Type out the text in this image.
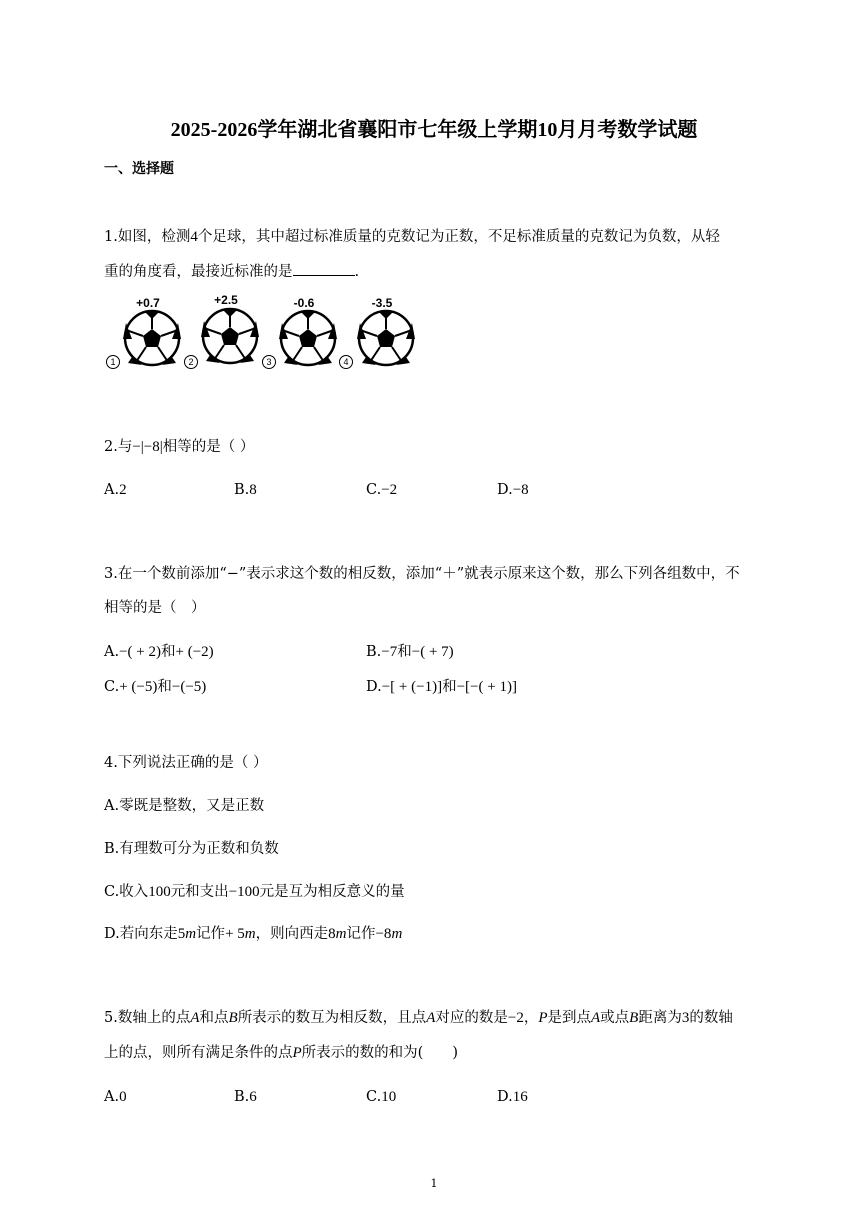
2025-2026学年湖北省襄阳市七年级上学期10月月考数学试题
一、选择题
1.如图，检测4个足球，其中超过标准质量的克数记为正数，不足标准质量的克数记为负数，从轻
重的角度看，最接近标准的是	.
+0.7	+2.5	-0.6	-3.5
1	2	3	4
2.与−|−8|相等的是（ ）
A.2	B.8	C.−2	D.−8
3.在一个数前添加“−”表示求这个数的相反数，添加“＋”就表示原来这个数，那么下列各组数中，不
相等的是（　）
A.−( + 2)和+ (−2)	B.−7和−( + 7)
C.+ (−5)和−(−5)	D.−[ + (−1)]和−[−( + 1)]
4.下列说法正确的是（ ）
A.零既是整数，又是正数
B.有理数可分为正数和负数
C.收入100元和支出−100元是互为相反意义的量
D.若向东走5m记作+ 5m，则向西走8m记作−8m
5.数轴上的点A和点B所表示的数互为相反数，且点A对应的数是−2，P是到点A或点B距离为3的数轴
上的点，则所有满足条件的点P所表示的数的和为(　　)
A.0	B.6	C.10	D.16
1
